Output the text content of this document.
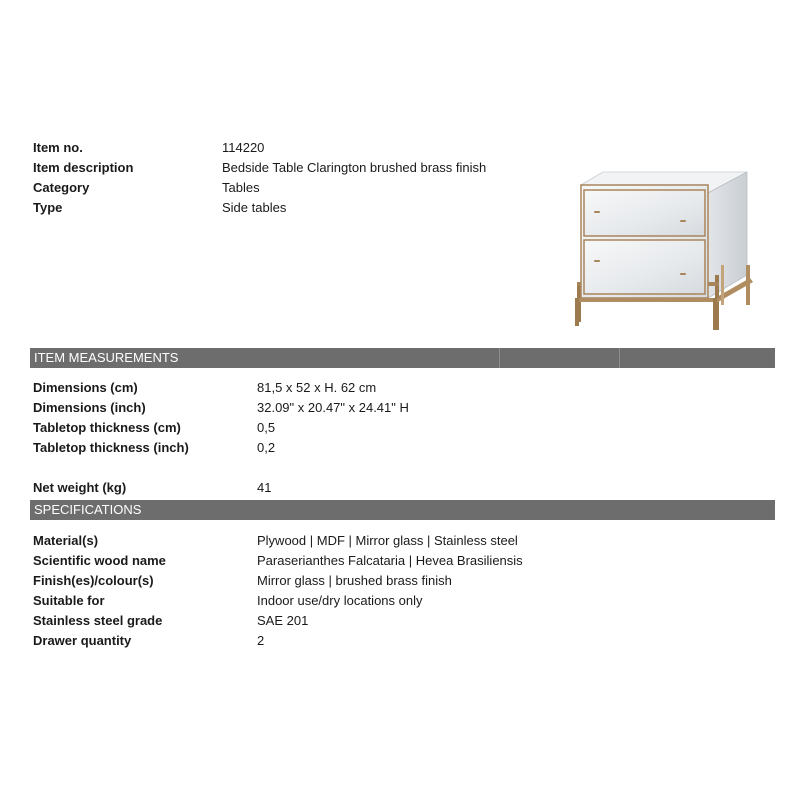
Item no.	114220
Item description	Bedside Table Clarington brushed brass finish
Category	Tables
Type	Side tables
ITEM MEASUREMENTS
Dimensions (cm)	81,5 x 52 x H. 62 cm
Dimensions (inch)	32.09" x 20.47" x 24.41" H
Tabletop thickness (cm)	0,5
Tabletop thickness (inch)	0,2
Net weight (kg)	41
SPECIFICATIONS
Material(s)	Plywood | MDF | Mirror glass | Stainless steel
Scientific wood name	Paraserianthes Falcataria | Hevea Brasiliensis
Finish(es)/colour(s)	Mirror glass | brushed brass finish
Suitable for	Indoor use/dry locations only
Stainless steel grade	SAE 201
Drawer quantity	2
